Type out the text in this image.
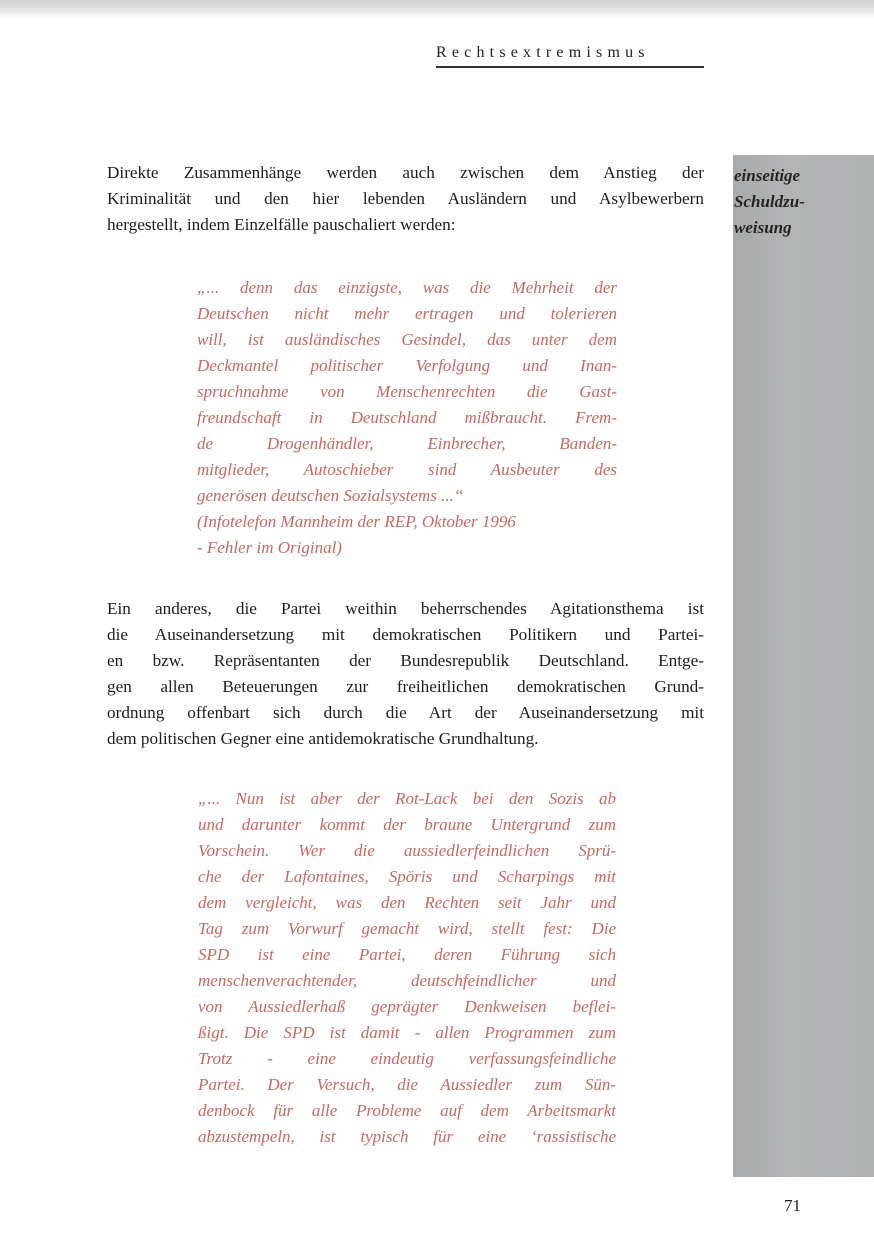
Rechtsextremismus
einseitige
Schuldzu-
weisung
Direkte Zusammenhänge werden auch zwischen dem Anstieg der
Kriminalität und den hier lebenden Ausländern und Asylbewerbern
hergestellt, indem Einzelfälle pauschaliert werden:
„... denn das einzigste, was die Mehrheit der
Deutschen nicht mehr ertragen und tolerieren
will, ist ausländisches Gesindel, das unter dem
Deckmantel politischer Verfolgung und Inan-
spruchnahme von Menschenrechten die Gast-
freundschaft in Deutschland mißbraucht. Frem-
de Drogenhändler, Einbrecher, Banden-
mitglieder, Autoschieber sind Ausbeuter des
generösen deutschen Sozialsystems ...“
(Infotelefon Mannheim der REP, Oktober 1996
- Fehler im Original)
Ein anderes, die Partei weithin beherrschendes Agitationsthema ist
die Auseinandersetzung mit demokratischen Politikern und Partei-
en bzw. Repräsentanten der Bundesrepublik Deutschland. Entge-
gen allen Beteuerungen zur freiheitlichen demokratischen Grund-
ordnung offenbart sich durch die Art der Auseinandersetzung mit
dem politischen Gegner eine antidemokratische Grundhaltung.
„... Nun ist aber der Rot-Lack bei den Sozis ab
und darunter kommt der braune Untergrund zum
Vorschein. Wer die aussiedlerfeindlichen Sprü-
che der Lafontaines, Spöris und Scharpings mit
dem vergleicht, was den Rechten seit Jahr und
Tag zum Vorwurf gemacht wird, stellt fest: Die
SPD ist eine Partei, deren Führung sich
menschenverachtender, deutschfeindlicher und
von Aussiedlerhaß geprägter Denkweisen beflei-
ßigt. Die SPD ist damit - allen Programmen zum
Trotz - eine eindeutig verfassungsfeindliche
Partei. Der Versuch, die Aussiedler zum Sün-
denbock für alle Probleme auf dem Arbeitsmarkt
abzustempeln, ist typisch für eine ‘rassistische
71
